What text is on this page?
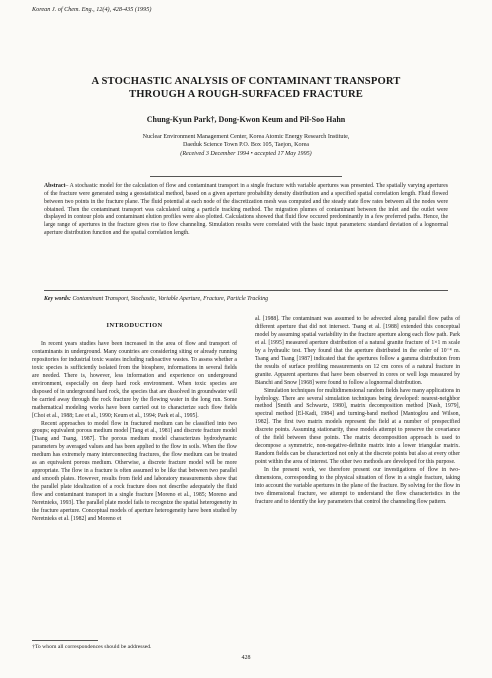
Korean J. of Chem. Eng., 12(4), 428-435 (1995)
A STOCHASTIC ANALYSIS OF CONTAMINANT TRANSPORT
THROUGH A ROUGH-SURFACED FRACTURE
Chung-Kyun Park†, Dong-Kwon Keum and Pil-Soo Hahn
Nuclear Environment Management Center, Korea Atomic Energy Research Institute,
Daeduk Science Town P.O. Box 105, Taejon, Korea
(Received 3 December 1994 • accepted 17 May 1995)
Abstract– A stochastic model for the calculation of flow and contaminant transport in a single fracture with variable apertures was presented. The spatially varying apertures of the fracture were generated using a geostatistical method, based on a given aperture probability density distribution and a specified spatial correlation length. Fluid flowed between two points in the fracture plane. The fluid potential at each node of the discretization mesh was computed and the steady state flow rates between all the nodes were obtained. Then the contaminant transport was calculated using a particle tracking method. The migration plumes of contaminant between the inlet and the outlet were displayed in contour plots and contaminant elution profiles were also plotted. Calculations showed that fluid flow occured predominantly in a few preferred paths. Hence, the large range of apertures in the fracture gives rise to flow channeling. Simulation results were correlated with the basic input parameters: standard deviation of a lognormal aperture distribution function and the spatial correlation length.
Key words: Contaminant Transport, Stochastic, Variable Aperture, Fracture, Particle Tracking
INTRODUCTION

In recent years studies have been increased in the area of flow and transport of contaminants in underground. Many countries are considering siting or already running repositories for industrial toxic wastes including radioactive wastes. To assess whether a toxic species is sufficiently isolated from the biosphere, informations in several fields are needed. There is, however, less information and experience on underground environment, especially on deep hard rock environment. When toxic species are disposed of in underground hard rock, the species that are dissolved in groundwater will be carried away through the rock fracture by the flowing water in the long run. Some mathematical modeling works have been carried out to characterize such flow fields [Choi et al., 1988; Lee et al., 1990; Keum et al., 1994; Park et al., 1995].

Recent approaches to model flow in fractured medium can be classified into two groups; equivalent porous medium model [Tang et al., 1981] and discrete fracture model [Tsang and Tsang, 1987]. The porous medium model characterizes hydrodynamic parameters by averaged values and has been applied to the flow in soils. When the flow medium has extremely many interconnecting fractures, the flow medium can be treated as an equivalent porous medium. Otherwise, a discrete fracture model will be more appropriate. The flow in a fracture is often assumed to be like that between two parallel and smooth plates. However, results from field and laboratory measurements show that the parallel plate idealization of a rock fracture does not describe adequately the fluid flow and contaminant transport in a single fracture [Moreno et al., 1985; Moreno and Neretnieks, 1993]. The parallel plate model fails to recognize the spatial heterogeneity in the fracture aperture. Conceptual models of aperture heterogeneity have been studied by Neretnieks et al. [1982] and Moreno et

al. [1988]. The contaminant was assumed to be advected along parallel flow paths of different aperture that did not intersect. Tsang et al. [1988] extended this conceptual model by assuming spatial variability in the fracture aperture along each flow path. Park et al. [1995] measured aperture distribution of a natural granite fracture of 1×1 m scale by a hydraulic test. They found that the aperture distributed in the order of 10⁻⁴ m. Tsang and Tsang [1987] indicated that the apertures follow a gamma distribution from the results of surface profiling measurements on 12 cm cores of a natural fracture in granite. Apparent apertures that have been observed in cores or well logs measured by Bianchi and Snow [1968] were found to follow a lognormal distribution.

Simulation techniques for multidimensional random fields have many applications in hydrology. There are several simulation techniques being developed: nearest-neighbor method [Smith and Schwartz, 1980], matrix decomposition method [Nash, 1979], spectral method [El-Kadi, 1984] and turning-band method [Mantoglou and Wilson, 1982]. The first two matrix models represent the field at a number of prespecified discrete points. Assuming stationarity, these models attempt to preserve the covariance of the field between these points. The matrix decomposition approach is used to decompose a symmetric, non-negative-definite matrix into a lower triangular matrix. Random fields can be characterized not only at the discrete points but also at every other point within the area of interest. The other two methods are developed for this purpose.

In the present work, we therefore present our investigations of flow in two-dimensions, corresponding to the physical situation of flow in a single fracture, taking into account the variable apertures in the plane of the fracture. By solving for the flow in two dimensional fracture, we attempt to understand the flow characteristics in the fracture and to identify the key parameters that control the channeling flow pattern.

†To whom all correspondences should be addressed.
428
